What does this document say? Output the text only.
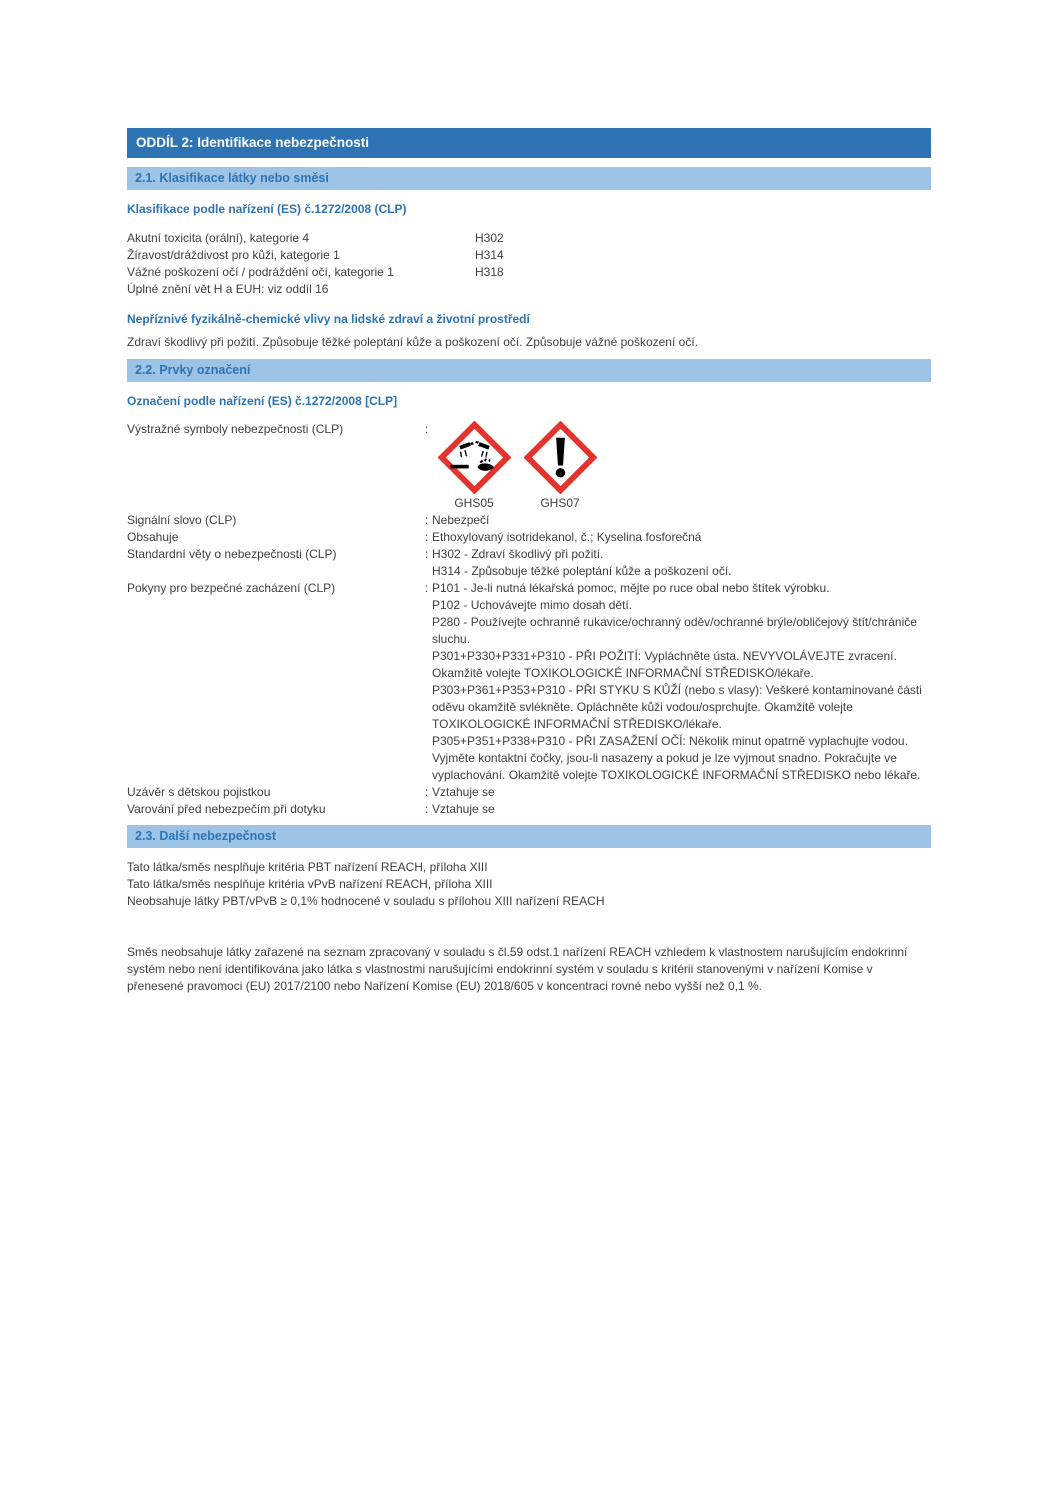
ODDÍL 2: Identifikace nebezpečnosti
2.1. Klasifikace látky nebo směsi
Klasifikace podle nařízení (ES) č.1272/2008 (CLP)
Akutní toxicita (orální), kategorie 4	H302
Žíravost/dráždivost pro kůži, kategorie 1	H314
Vážné poškození očí / podráždění očí, kategorie 1	H318
Úplné znění vět H a EUH: viz oddíl 16
Nepříznivé fyzikálně-chemické vlivy na lidské zdraví a životní prostředí
Zdraví škodlivý při požití. Způsobuje těžké poleptání kůže a poškození očí. Způsobuje vážné poškození očí.
2.2. Prvky označení
Označení podle nařízení (ES) č.1272/2008 [CLP]
Výstražné symboly nebezpečnosti (CLP)	:
GHS05	GHS07
Signální slovo (CLP)	: Nebezpečí
Obsahuje	: Ethoxylovaný isotridekanol, č.; Kyselina fosforečná
Standardní věty o nebezpečnosti (CLP)	: H302 - Zdraví škodlivý při požití.
H314 - Způsobuje těžké poleptání kůže a poškození očí.
Pokyny pro bezpečné zacházení (CLP)	: P101 - Je-li nutná lékařská pomoc, mějte po ruce obal nebo štítek výrobku.
P102 - Uchovávejte mimo dosah dětí.
P280 - Používejte ochranné rukavice/ochranný oděv/ochranné brýle/obličejový štít/chrániče sluchu.
P301+P330+P331+P310 - PŘI POŽITÍ: Vypláchněte ústa. NEVYVOLÁVEJTE zvracení. Okamžitě volejte TOXIKOLOGICKÉ INFORMAČNÍ STŘEDISKO/lékaře.
P303+P361+P353+P310 - PŘI STYKU S KŮŽÍ (nebo s vlasy): Veškeré kontaminované části oděvu okamžitě svlékněte. Opláchněte kůži vodou/osprchujte. Okamžitě volejte TOXIKOLOGICKÉ INFORMAČNÍ STŘEDISKO/lékaře.
P305+P351+P338+P310 - PŘI ZASAŽENÍ OČÍ: Několik minut opatrně vyplachujte vodou. Vyjměte kontaktní čočky, jsou-li nasazeny a pokud je lze vyjmout snadno. Pokračujte ve vyplachování. Okamžitě volejte TOXIKOLOGICKÉ INFORMAČNÍ STŘEDISKO nebo lékaře.
Uzávěr s dětskou pojistkou	: Vztahuje se
Varování před nebezpečím při dotyku	: Vztahuje se
2.3. Další nebezpečnost
Tato látka/směs nesplňuje kritéria PBT nařízení REACH, příloha XIII
Tato látka/směs nesplňuje kritéria vPvB nařízení REACH, příloha XIII
Neobsahuje látky PBT/vPvB ≥ 0,1% hodnocené v souladu s přílohou XIII nařízení REACH
Směs neobsahuje látky zařazené na seznam zpracovaný v souladu s čl.59 odst.1 nařízení REACH vzhledem k vlastnostem narušujícím endokrinní systém nebo není identifikována jako látka s vlastnostmi narušujícími endokrinní systém v souladu s kritérii stanovenými v nařízení Komise v přenesené pravomoci (EU) 2017/2100 nebo Nařízení Komise (EU) 2018/605 v koncentraci rovné nebo vyšší než 0,1 %.
